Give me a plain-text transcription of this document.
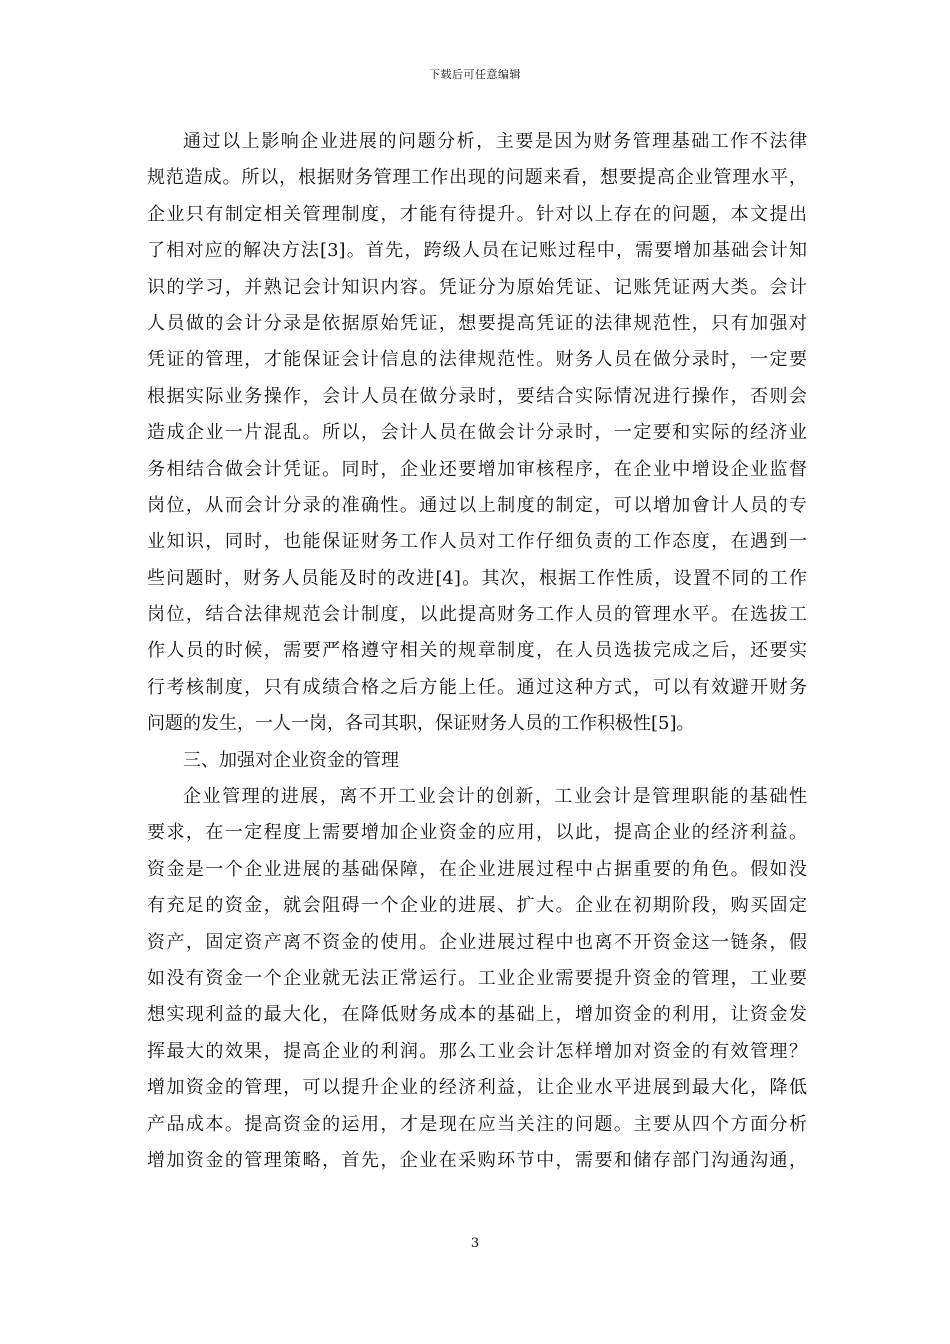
下载后可任意编辑
通过以上影响企业进展的问题分析，主要是因为财务管理基础工作不法律
规范造成。所以，根据财务管理工作出现的问题来看，想要提高企业管理水平，
企业只有制定相关管理制度，才能有待提升。针对以上存在的问题，本文提出
了相对应的解决方法[3]。首先，跨级人员在记账过程中，需要增加基础会计知
识的学习，并熟记会计知识内容。凭证分为原始凭证、记账凭证两大类。会计
人员做的会计分录是依据原始凭证，想要提高凭证的法律规范性，只有加强对
凭证的管理，才能保证会计信息的法律规范性。财务人员在做分录时，一定要
根据实际业务操作，会计人员在做分录时，要结合实际情况进行操作，否则会
造成企业一片混乱。所以，会计人员在做会计分录时，一定要和实际的经济业
务相结合做会计凭证。同时，企业还要增加审核程序，在企业中增设企业监督
岗位，从而会计分录的准确性。通过以上制度的制定，可以增加會计人员的专
业知识，同时，也能保证财务工作人员对工作仔细负责的工作态度，在遇到一
些问题时，财务人员能及时的改进[4]。其次，根据工作性质，设置不同的工作
岗位，结合法律规范会计制度，以此提高财务工作人员的管理水平。在选拔工
作人员的时候，需要严格遵守相关的规章制度，在人员选拔完成之后，还要实
行考核制度，只有成绩合格之后方能上任。通过这种方式，可以有效避开财务
问题的发生，一人一岗，各司其职，保证财务人员的工作积极性[5]。
三、加强对企业资金的管理
企业管理的进展，离不开工业会计的创新，工业会计是管理职能的基础性
要求，在一定程度上需要增加企业资金的应用，以此，提高企业的经济利益。
资金是一个企业进展的基础保障，在企业进展过程中占据重要的角色。假如没
有充足的资金，就会阻碍一个企业的进展、扩大。企业在初期阶段，购买固定
资产，固定资产离不资金的使用。企业进展过程中也离不开资金这一链条，假
如没有资金一个企业就无法正常运行。工业企业需要提升资金的管理，工业要
想实现利益的最大化，在降低财务成本的基础上，增加资金的利用，让资金发
挥最大的效果，提高企业的利润。那么工业会计怎样增加对资金的有效管理？
增加资金的管理，可以提升企业的经济利益，让企业水平进展到最大化，降低
产品成本。提高资金的运用，才是现在应当关注的问题。主要从四个方面分析
增加资金的管理策略，首先，企业在采购环节中，需要和储存部门沟通沟通，
3
